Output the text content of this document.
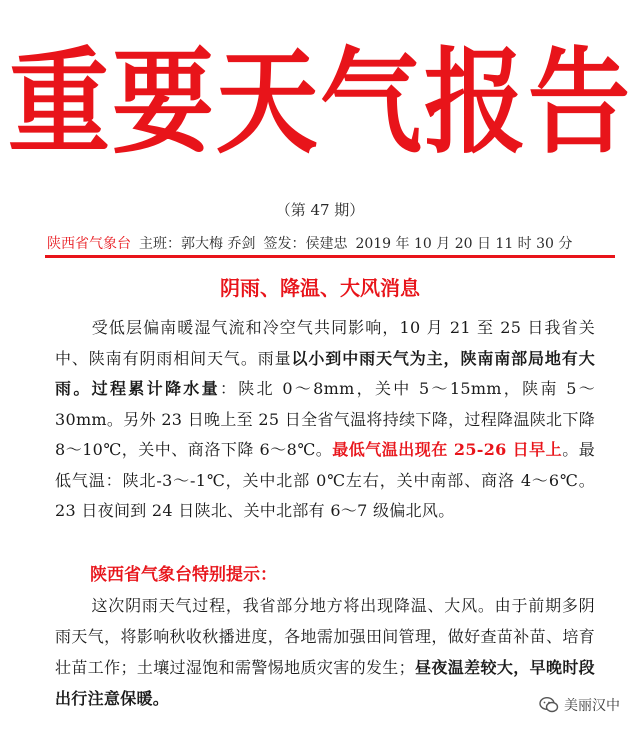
重要天气报告
（第 47 期）
陕西省气象台 主班：郭大梅 乔剑 签发：侯建忠 2019 年 10 月 20 日 11 时 30 分
阴雨、降温、大风消息

受低层偏南暖湿气流和冷空气共同影响，10 月 21 至 25 日我省关中、陕南有阴雨相间天气。雨量以小到中雨天气为主，陕南南部局地有大雨。过程累计降水量：陕北 0～8mm，关中 5～15mm，陕南 5～30mm。另外 23 日晚上至 25 日全省气温将持续下降，过程降温陕北下降 8～10℃，关中、商洛下降 6～8℃。最低气温出现在 25-26 日早上。最低气温：陕北-3～-1℃，关中北部 0℃左右，关中南部、商洛 4～6℃。23 日夜间到 24 日陕北、关中北部有 6～7 级偏北风。

陕西省气象台特别提示：

这次阴雨天气过程，我省部分地方将出现降温、大风。由于前期多阴雨天气，将影响秋收秋播进度，各地需加强田间管理，做好查苗补苗、培育壮苗工作；土壤过湿饱和需警惕地质灾害的发生；昼夜温差较大，早晚时段出行注意保暖。	美丽汉中
